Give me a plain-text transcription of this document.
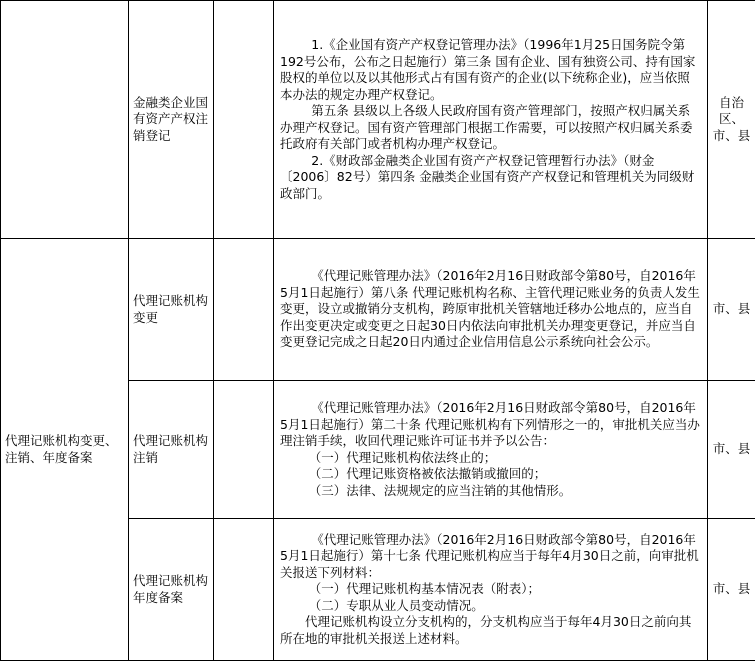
	金融类企业国有资产产权注销登记		1.《企业国有资产产权登记管理办法》（1996年1月25日国务院令第192号公布，公布之日起施行）第三条 国有企业、国有独资公司、持有国家股权的单位以及以其他形式占有国有资产的企业(以下统称企业)，应当依照本办法的规定办理产权登记。

第五条 县级以上各级人民政府国有资产管理部门，按照产权归属关系办理产权登记。国有资产管理部门根据工作需要，可以按照产权归属关系委托政府有关部门或者机构办理产权登记。

2.《财政部金融类企业国有资产产权登记管理暂行办法》（财金〔2006〕82号）第四条 金融类企业国有资产产权登记和管理机关为同级财政部门。	自治区、市、县
代理记账机构变更、注销、年度备案	代理记账机构变更		《代理记账管理办法》（2016年2月16日财政部令第80号，自2016年5月1日起施行）第八条 代理记账机构名称、主管代理记账业务的负责人发生变更，设立或撤销分支机构，跨原审批机关管辖地迁移办公地点的，应当自作出变更决定或变更之日起30日内依法向审批机关办理变更登记，并应当自变更登记完成之日起20日内通过企业信用信息公示系统向社会公示。	市、县
	代理记账机构注销		《代理记账管理办法》（2016年2月16日财政部令第80号，自2016年5月1日起施行）第二十条 代理记账机构有下列情形之一的，审批机关应当办理注销手续，收回代理记账许可证书并予以公告：

（一）代理记账机构依法终止的；

（二）代理记账资格被依法撤销或撤回的；

（三）法律、法规规定的应当注销的其他情形。	市、县
	代理记账机构年度备案		《代理记账管理办法》（2016年2月16日财政部令第80号，自2016年5月1日起施行）第十七条 代理记账机构应当于每年4月30日之前，向审批机关报送下列材料：

（一）代理记账机构基本情况表（附表）；

（二）专职从业人员变动情况。

代理记账机构设立分支机构的，分支机构应当于每年4月30日之前向其所在地的审批机关报送上述材料。	市、县
